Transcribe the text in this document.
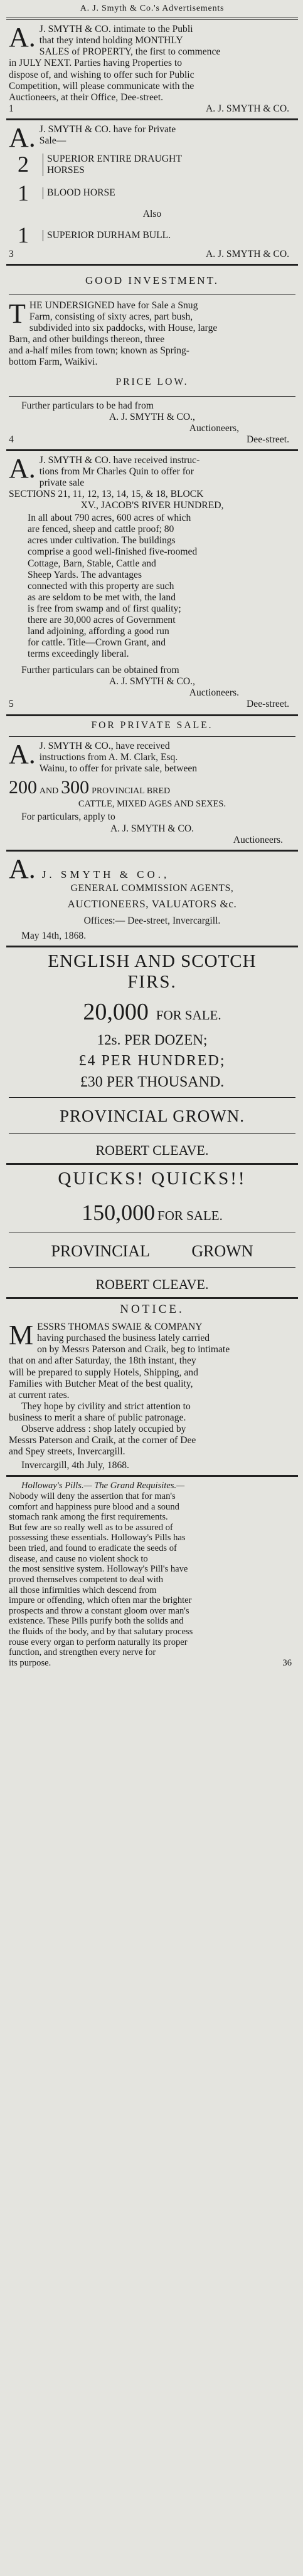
A. J. Smyth & Co.'s Advertisements
A. J. SMYTH & CO. intimate to the Publi
that they intend holding MONTHLY
SALES of PROPERTY, the first to commence
in JULY NEXT. Parties having Properties to
dispose of, and wishing to offer such for Public
Competition, will please communicate with the
Auctioneers, at their Office, Dee-street.
1	A. J. SMYTH & CO.
A. J. SMYTH & CO. have for Private
Sale—
2	SUPERIOR ENTIRE DRAUGHT
HORSES
1	BLOOD HORSE
Also
1	SUPERIOR DURHAM BULL.
3	A. J. SMYTH & CO.
GOOD INVESTMENT.
T HE UNDERSIGNED have for Sale a Snug
Farm, consisting of sixty acres, part bush,
subdivided into six paddocks, with House, large
Barn, and other buildings thereon, three
and a-half miles from town; known as Spring-
bottom Farm, Waikivi.
PRICE LOW.
Further particulars to be had from
A. J. SMYTH & CO.,
Auctioneers,
4	Dee-street.
A. J. SMYTH & CO. have received instruc-
tions from Mr Charles Quin to offer for
private sale
SECTIONS 21, 11, 12, 13, 14, 15, & 18, BLOCK
XV., JACOB'S RIVER HUNDRED,
In all about 790 acres, 600 acres of which
are fenced, sheep and cattle proof; 80
acres under cultivation. The buildings
comprise a good well-finished five-roomed
Cottage, Barn, Stable, Cattle and
Sheep Yards. The advantages
connected with this property are such
as are seldom to be met with, the land
is free from swamp and of first quality;
there are 30,000 acres of Government
land adjoining, affording a good run
for cattle. Title—Crown Grant, and
terms exceedingly liberal.
Further particulars can be obtained from
A. J. SMYTH & CO.,
Auctioneers.
5	Dee-street.
FOR PRIVATE SALE.
A. J. SMYTH & CO., have received
instructions from A. M. Clark, Esq.
Wainu, to offer for private sale, between
200 AND 300 PROVINCIAL BRED
CATTLE, MIXED AGES AND SEXES.
For particulars, apply to
A. J. SMYTH & CO.
Auctioneers.
A. J. SMYTH & CO.,
GENERAL COMMISSION AGENTS,
AUCTIONEERS, VALUATORS &c.
Offices:— Dee-street, Invercargill.
May 14th, 1868.
ENGLISH AND SCOTCH
FIRS.
20,000 FOR SALE.
12s. PER DOZEN;
£4 PER HUNDRED;
£30 PER THOUSAND.
PROVINCIAL GROWN.
ROBERT CLEAVE.
QUICKS! QUICKS!!
150,000 FOR SALE.
PROVINCIAL	GROWN
ROBERT CLEAVE.
NOTICE.
M ESSRS THOMAS SWAIE & COMPANY
having purchased the business lately carried
on by Messrs Paterson and Craik, beg to intimate
that on and after Saturday, the 18th instant, they
will be prepared to supply Hotels, Shipping, and
Families with Butcher Meat of the best quality,
at current rates.
They hope by civility and strict attention to
business to merit a share of public patronage.
Observe address : shop lately occupied by
Messrs Paterson and Craik, at the corner of Dee
and Spey streets, Invercargill.
Invercargill, 4th July, 1868.
Holloway's Pills.— The Grand Requisites.—
Nobody will deny the assertion that for man's
comfort and happiness pure blood and a sound
stomach rank among the first requirements.
But few are so really well as to be assured of
possessing these essentials. Holloway's Pills has
been tried, and found to eradicate the seeds of
disease, and cause no violent shock to
the most sensitive system. Holloway's Pill's have
proved themselves competent to deal with
all those infirmities which descend from
impure or offending, which often mar the brighter
prospects and throw a constant gloom over man's
existence. These Pills purify both the solids and
the fluids of the body, and by that salutary process
rouse every organ to perform naturally its proper
function, and strengthen every nerve for
its purpose.	36
